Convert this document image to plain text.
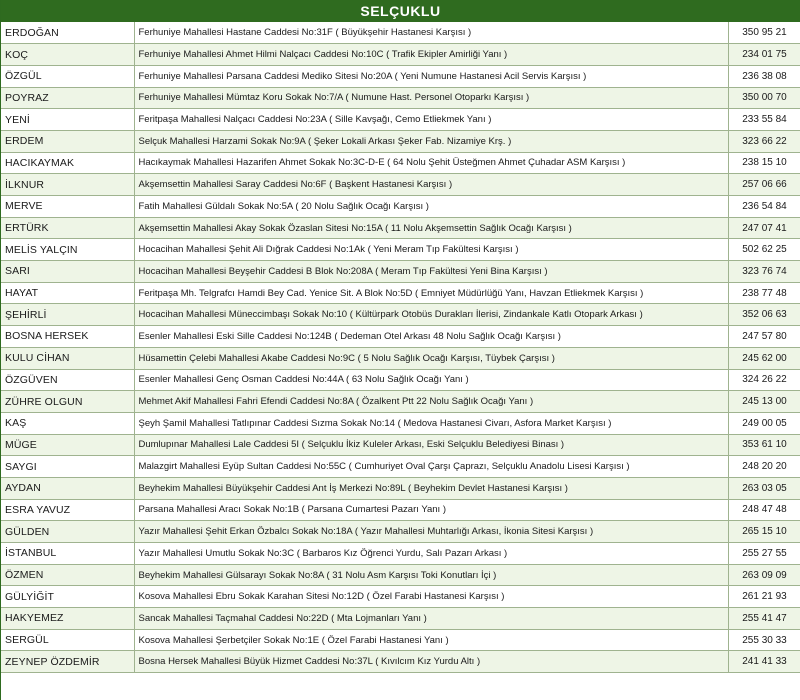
SELÇUKLU
ERDOĞAN	Ferhuniye Mahallesi Hastane Caddesi No:31F ( Büyükşehir Hastanesi Karşısı )	350 95 21
KOÇ	Ferhuniye Mahallesi Ahmet Hilmi Nalçacı Caddesi No:10C ( Trafik Ekipler Amirliği Yanı )	234 01 75
ÖZGÜL	Ferhuniye Mahallesi Parsana Caddesi Mediko Sitesi No:20A ( Yeni Numune Hastanesi Acil Servis Karşısı )	236 38 08
POYRAZ	Ferhuniye Mahallesi Mümtaz Koru Sokak No:7/A ( Numune Hast. Personel Otoparkı Karşısı )	350 00 70
YENİ	Feritpaşa Mahallesi Nalçacı Caddesi No:23A ( Sille Kavşağı, Cemo Etliekmek Yanı )	233 55 84
ERDEM	Selçuk Mahallesi Harzami Sokak No:9A ( Şeker Lokali Arkası Şeker Fab. Nizamiye Krş. )	323 66 22
HACIKAYMAK	Hacıkaymak Mahallesi Hazarifen Ahmet Sokak No:3C-D-E ( 64 Nolu Şehit Üsteğmen Ahmet Çuhadar ASM Karşısı )	238 15 10
İLKNUR	Akşemsettin Mahallesi Saray Caddesi No:6F ( Başkent Hastanesi Karşısı )	257 06 66
MERVE	Fatih Mahallesi Güldalı Sokak No:5A ( 20 Nolu Sağlık Ocağı Karşısı )	236 54 84
ERTÜRK	Akşemsettin Mahallesi Akay Sokak Özaslan Sitesi No:15A ( 11 Nolu Akşemsettin Sağlık Ocağı Karşısı )	247 07 41
MELİS YALÇIN	Hocacihan Mahallesi Şehit Ali Dığrak Caddesi No:1Ak ( Yeni Meram Tıp Fakültesi Karşısı )	502 62 25
SARI	Hocacihan Mahallesi Beyşehir Caddesi B Blok No:208A ( Meram Tıp Fakültesi Yeni Bina Karşısı )	323 76 74
HAYAT	Feritpaşa Mh. Telgrafcı Hamdi Bey Cad. Yenice Sit. A Blok No:5D ( Emniyet Müdürlüğü Yanı, Havzan Etliekmek Karşısı )	238 77 48
ŞEHİRLİ	Hocacihan Mahallesi Müneccimbaşı Sokak No:10 ( Kültürpark Otobüs Durakları İlerisi, Zindankale Katlı Otopark Arkası )	352 06 63
BOSNA HERSEK	Esenler Mahallesi Eski Sille Caddesi No:124B ( Dedeman Otel Arkası 48 Nolu Sağlık Ocağı Karşısı )	247 57 80
KULU CİHAN	Hüsamettin Çelebi Mahallesi Akabe Caddesi No:9C ( 5 Nolu Sağlık Ocağı Karşısı, Tüybek Çarşısı )	245 62 00
ÖZGÜVEN	Esenler Mahallesi Genç Osman Caddesi No:44A ( 63 Nolu Sağlık Ocağı Yanı )	324 26 22
ZÜHRE OLGUN	Mehmet Akif Mahallesi Fahri Efendi Caddesi No:8A ( Özalkent Ptt 22 Nolu Sağlık Ocağı Yanı )	245 13 00
KAŞ	Şeyh Şamil Mahallesi Tatlıpınar Caddesi Sızma Sokak No:14 ( Medova Hastanesi Civarı, Asfora Market Karşısı )	249 00 05
MÜGE	Dumlupınar Mahallesi Lale Caddesi 5I ( Selçuklu İkiz Kuleler Arkası, Eski Selçuklu Belediyesi Binası )	353 61 10
SAYGI	Malazgirt Mahallesi Eyüp Sultan Caddesi No:55C ( Cumhuriyet Oval Çarşı Çaprazı, Selçuklu Anadolu Lisesi Karşısı )	248 20 20
AYDAN	Beyhekim Mahallesi Büyükşehir Caddesi Ant İş Merkezi No:89L ( Beyhekim Devlet Hastanesi Karşısı )	263 03 05
ESRA YAVUZ	Parsana Mahallesi Aracı Sokak No:1B ( Parsana Cumartesi Pazarı Yanı )	248 47 48
GÜLDEN	Yazır Mahallesi Şehit Erkan Özbalcı Sokak No:18A ( Yazır Mahallesi Muhtarlığı Arkası, İkonia Sitesi Karşısı )	265 15 10
İSTANBUL	Yazır Mahallesi Umutlu Sokak No:3C ( Barbaros Kız Öğrenci Yurdu, Salı Pazarı Arkası )	255 27 55
ÖZMEN	Beyhekim Mahallesi Gülsarayı Sokak No:8A ( 31 Nolu Asm Karşısı Toki Konutları İçi )	263 09 09
GÜLYİĞİT	Kosova Mahallesi Ebru Sokak Karahan Sitesi No:12D ( Özel Farabi Hastanesi Karşısı )	261 21 93
HAKYEMEZ	Sancak Mahallesi Taçmahal Caddesi No:22D ( Mta Lojmanları Yanı )	255 41 47
SERGÜL	Kosova Mahallesi Şerbetçiler Sokak No:1E ( Özel Farabi Hastanesi Yanı )	255 30 33
ZEYNEP ÖZDEMİR	Bosna Hersek Mahallesi Büyük Hizmet Caddesi No:37L ( Kıvılcım Kız Yurdu Altı )	241 41 33
